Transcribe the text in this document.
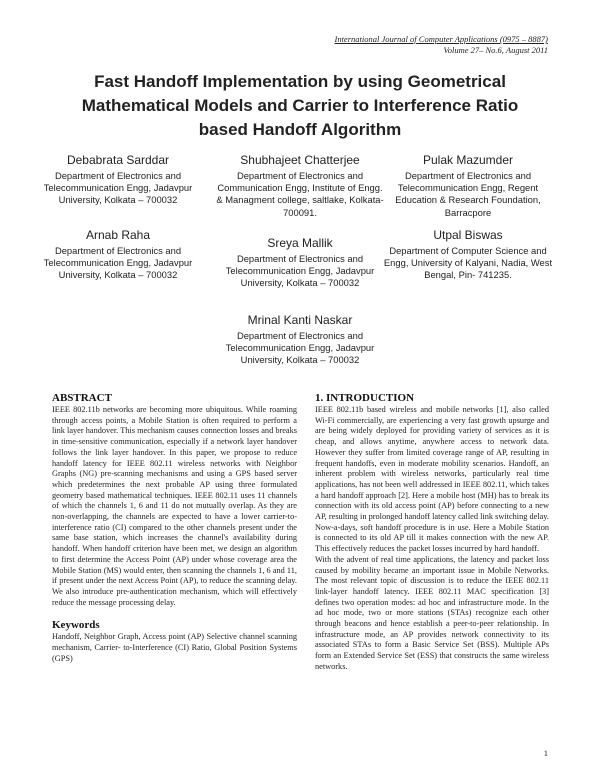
International Journal of Computer Applications (0975 – 8887)
Volume 27– No.6, August 2011
Fast Handoff Implementation by using Geometrical Mathematical Models and Carrier to Interference Ratio based Handoff Algorithm
Debabrata Sarddar
Department of Electronics and Telecommunication Engg, Jadavpur University, Kolkata – 700032
Shubhajeet Chatterjee
Department of Electronics and Communication Engg, Institute of Engg. & Managment college, saltlake, Kolkata-700091.
Pulak Mazumder
Department of Electronics and Telecommunication Engg, Regent Education & Research Foundation, Barracpore
Arnab Raha
Department of Electronics and Telecommunication Engg, Jadavpur University, Kolkata – 700032
Sreya Mallik
Department of Electronics and Telecommunication Engg, Jadavpur University, Kolkata – 700032
Utpal Biswas
Department of Computer Science and Engg, University of Kalyani, Nadia, West Bengal, Pin- 741235.
Mrinal Kanti Naskar
Department of Electronics and Telecommunication Engg, Jadavpur University, Kolkata – 700032
ABSTRACT

IEEE 802.11b networks are becoming more ubiquitous. While roaming through access points, a Mobile Station is often required to perform a link layer handover. This mechanism causes connection losses and breaks in time-sensitive communication, especially if a network layer handover follows the link layer handover. In this paper, we propose to reduce handoff latency for IEEE 802.11 wireless networks with Neighbor Graphs (NG) pre-scanning mechanisms and using a GPS based server which predetermines the next probable AP using three formulated geometry based mathematical techniques. IEEE 802.11 uses 11 channels of which the channels 1, 6 and 11 do not mutually overlap. As they are non-overlapping, the channels are expected to have a lower carrier-to-interference ratio (CI) compared to the other channels present under the same base station, which increases the channel's availability during handoff. When handoff criterion have been met, we design an algorithm to first determine the Access Point (AP) under whose coverage area the Mobile Station (MS) would enter, then scanning the channels 1, 6 and 11, if present under the next Access Point (AP), to reduce the scanning delay. We also introduce pre-authentication mechanism, which will effectively reduce the message processing delay.

Keywords

Handoff, Neighbor Graph, Access point (AP) Selective channel scanning mechanism, Carrier- to-Interference (CI) Ratio, Global Position Systems (GPS)

1. INTRODUCTION

IEEE 802.11b based wireless and mobile networks [1], also called Wi-Fi commercially, are experiencing a very fast growth upsurge and are being widely deployed for providing variety of services as it is cheap, and allows anytime, anywhere access to network data. However they suffer from limited coverage range of AP, resulting in frequent handoffs, even in moderate mobility scenarios. Handoff, an inherent problem with wireless networks, particularly real time applications, has not been well addressed in IEEE 802.11, which takes a hard handoff approach [2]. Here a mobile host (MH) has to break its connection with its old access point (AP) before connecting to a new AP, resulting in prolonged handoff latency called link switching delay. Now-a-days, soft handoff procedure is in use. Here a Mobile Station is connected to its old AP till it makes connection with the new AP. This effectively reduces the packet losses incurred by hard handoff.

With the advent of real time applications, the latency and packet loss caused by mobility became an important issue in Mobile Networks. The most relevant topic of discussion is to reduce the IEEE 802.11 link-layer handoff latency. IEEE 802.11 MAC specification [3] defines two operation modes: ad hoc and infrastructure mode. In the ad hoc mode, two or more stations (STAs) recognize each other through beacons and hence establish a peer-to-peer relationship. In infrastructure mode, an AP provides network connectivity to its associated STAs to form a Basic Service Set (BSS). Multiple APs form an Extended Service Set (ESS) that constructs the same wireless networks.

1
